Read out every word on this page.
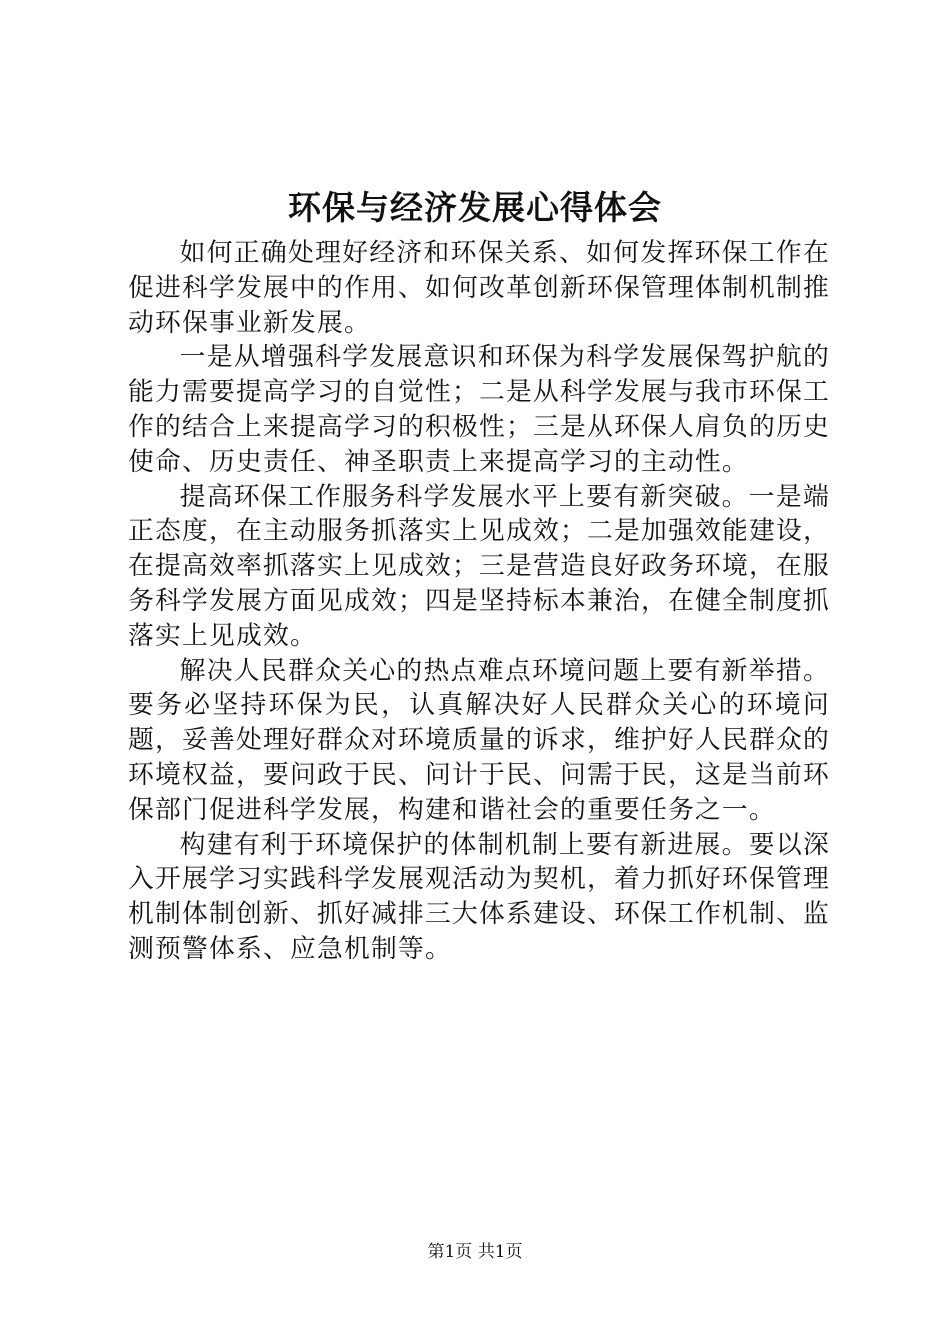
环保与经济发展心得体会

如何正确处理好经济和环保关系、如何发挥环保工作在促进科学发展中的作用、如何改革创新环保管理体制机制推动环保事业新发展。

一是从增强科学发展意识和环保为科学发展保驾护航的能力需要提高学习的自觉性；二是从科学发展与我市环保工作的结合上来提高学习的积极性；三是从环保人肩负的历史使命、历史责任、神圣职责上来提高学习的主动性。

提高环保工作服务科学发展水平上要有新突破。一是端正态度，在主动服务抓落实上见成效；二是加强效能建设，在提高效率抓落实上见成效；三是营造良好政务环境，在服务科学发展方面见成效；四是坚持标本兼治，在健全制度抓落实上见成效。

解决人民群众关心的热点难点环境问题上要有新举措。要务必坚持环保为民，认真解决好人民群众关心的环境问题，妥善处理好群众对环境质量的诉求，维护好人民群众的环境权益，要问政于民、问计于民、问需于民，这是当前环保部门促进科学发展，构建和谐社会的重要任务之一。

构建有利于环境保护的体制机制上要有新进展。要以深入开展学习实践科学发展观活动为契机，着力抓好环保管理机制体制创新、抓好减排三大体系建设、环保工作机制、监测预警体系、应急机制等。

第1页 共1页
